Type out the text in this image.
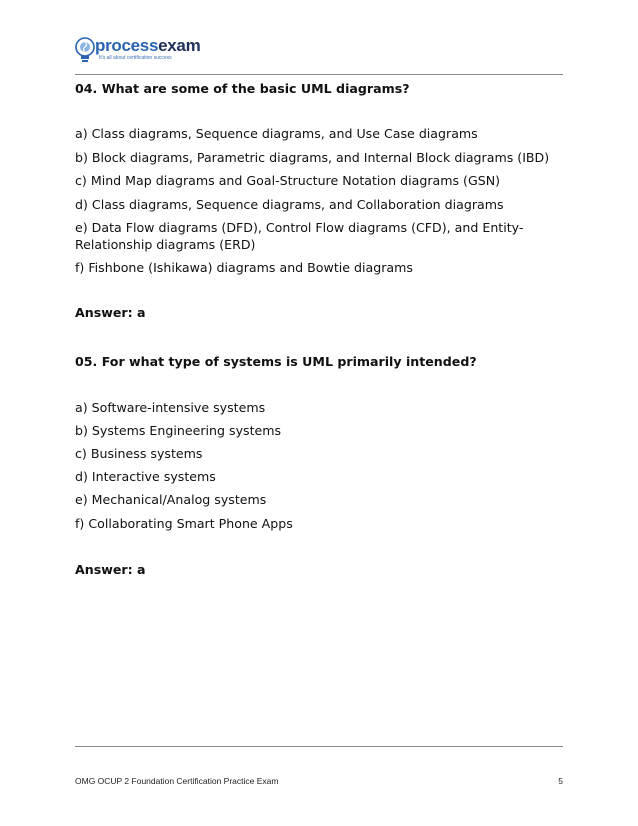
processexam
It's all about certification success
04. What are some of the basic UML diagrams?
a) Class diagrams, Sequence diagrams, and Use Case diagrams
b) Block diagrams, Parametric diagrams, and Internal Block diagrams (IBD)
c) Mind Map diagrams and Goal-Structure Notation diagrams (GSN)
d) Class diagrams, Sequence diagrams, and Collaboration diagrams
e) Data Flow diagrams (DFD), Control Flow diagrams (CFD), and Entity-Relationship diagrams (ERD)
f) Fishbone (Ishikawa) diagrams and Bowtie diagrams
Answer: a
05. For what type of systems is UML primarily intended?
a) Software-intensive systems
b) Systems Engineering systems
c) Business systems
d) Interactive systems
e) Mechanical/Analog systems
f) Collaborating Smart Phone Apps
Answer: a
OMG OCUP 2 Foundation Certification Practice Exam	5
